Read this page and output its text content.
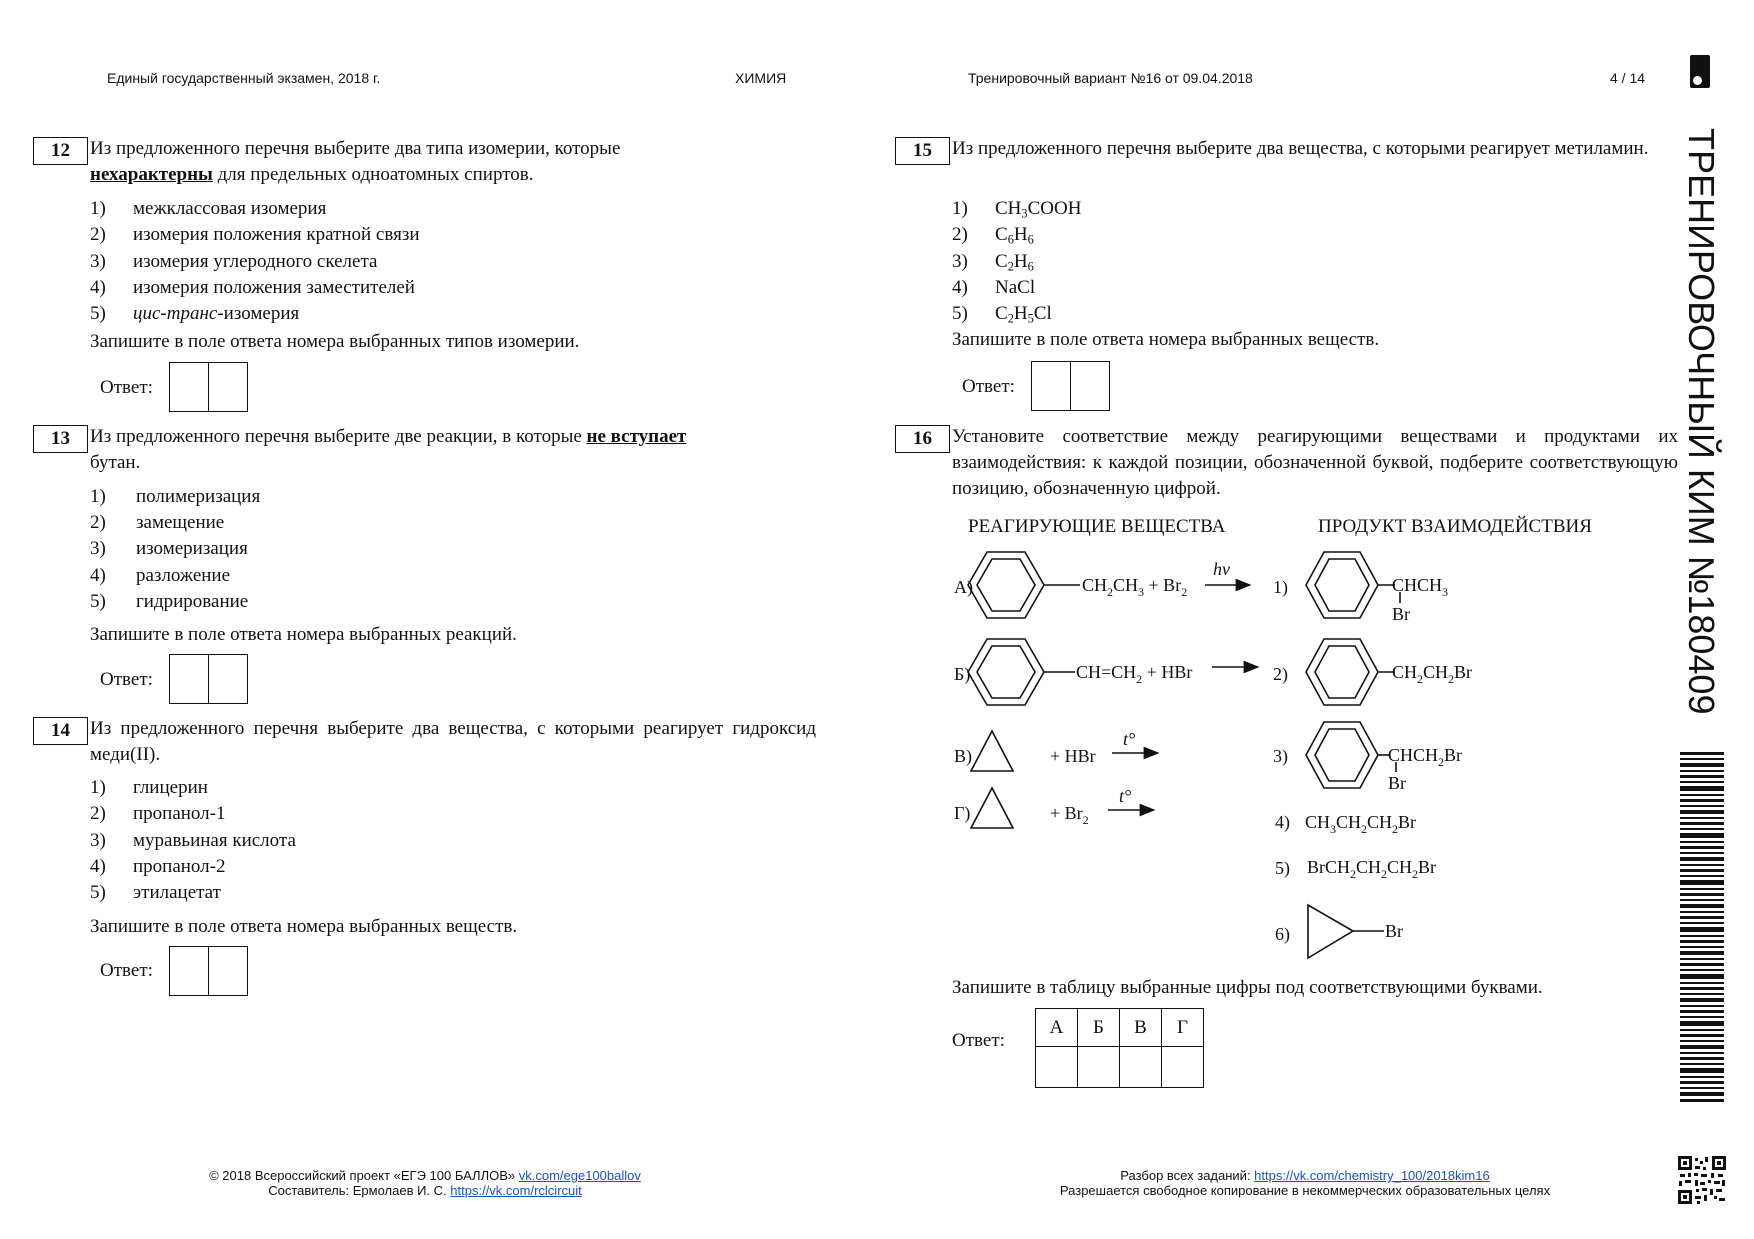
Единый государственный экзамен, 2018 г.	ХИМИЯ	Тренировочный вариант №16 от 09.04.2018	4 / 14
ТРЕНИРОВОЧНЫЙ КИМ №180409
12	Из предложенного перечня выберите два типа изомерии, которые
нехарактерны для предельных одноатомных спиртов.
1) межклассовая изомерия
2) изомерия положения кратной связи
3) изомерия углеродного скелета
4) изомерия положения заместителей
5) цис-транс-изомерия
Запишите в поле ответа номера выбранных типов изомерии.
Ответ:
13	Из предложенного перечня выберите две реакции, в которые не вступает
бутан.
1) полимеризация
2) замещение
3) изомеризация
4) разложение
5) гидрирование
Запишите в поле ответа номера выбранных реакций.
Ответ:
14	Из предложенного перечня выберите два вещества, с которыми реагирует гидроксид меди(II).
1) глицерин
2) пропанол-1
3) муравьиная кислота
4) пропанол-2
5) этилацетат
Запишите в поле ответа номера выбранных веществ.
Ответ:
15	Из предложенного перечня выберите два вещества, с которыми реагирует метиламин.
1) $CH_3COOH$
2) $C_6H_6$
3) $C_2H_6$
4) NaCl
5) $C_2H_5Cl$
Запишите в поле ответа номера выбранных веществ.
Ответ:
16	Установите соответствие между реагирующими веществами и продуктами их взаимодействия: к каждой позиции, обозначенной буквой, подберите соответствующую позицию, обозначенную цифрой.
РЕАГИРУЮЩИЕ ВЕЩЕСТВА	ПРОДУКТ ВЗАИМОДЕЙСТВИЯ
А)	$CH_2CH_3 + Br_2$
hv
Б)	$CH=CH_2$ + HBr
В)	+ HBr
t°
Г)	+ $Br_2$
t°
1)	$CHCH_3$
Br
2)	$CH_2CH_2Br$
3)	$CHCH_2Br$
Br
4) $CH_3CH_2CH_2Br$
5) $BrCH_2CH_2CH_2Br$
6)	Br
Запишите в таблицу выбранные цифры под соответствующими буквами.
Ответ:
А	Б	В	Г

© 2018 Всероссийский проект «ЕГЭ 100 БАЛЛОВ» vk.com/ege100ballov
Составитель: Ермолаев И. С. https://vk.com/rclcircuit
Разбор всех заданий: https://vk.com/chemistry_100/2018kim16
Разрешается свободное копирование в некоммерческих образовательных целях
